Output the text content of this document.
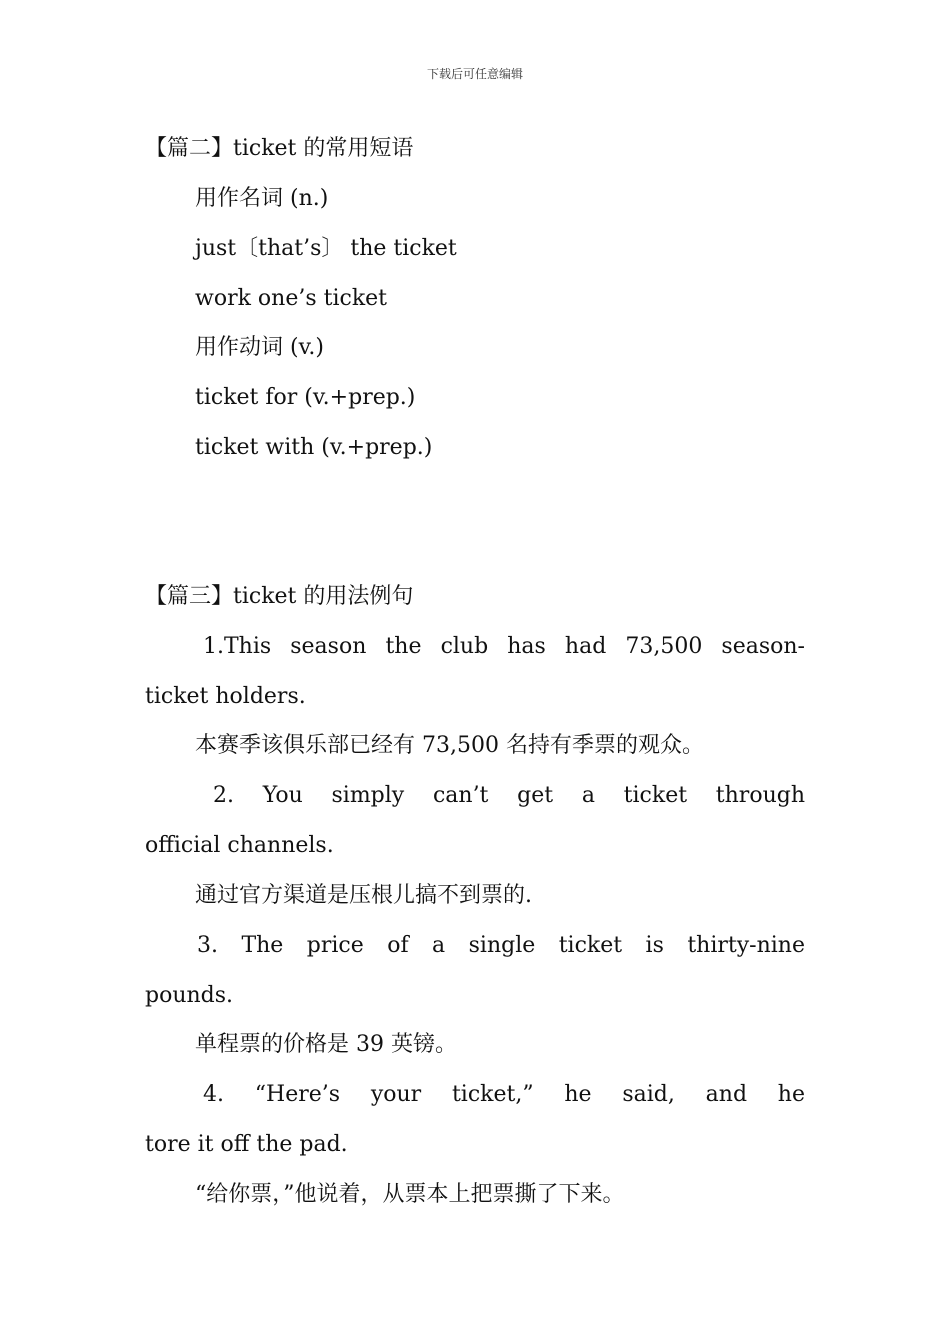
下载后可任意编辑
【篇二】ticket 的常用短语
用作名词 (n.)
just〔that’s〕 the ticket
work one’s ticket
用作动词 (v.)
ticket for (v.+prep.)
ticket with (v.+prep.)
【篇三】ticket 的用法例句
1.This season the club has had 73,500 season-
ticket holders.
本赛季该俱乐部已经有 73,500 名持有季票的观众。
2. You simply can’t get a ticket through
official channels.
通过官方渠道是压根儿搞不到票的.
3. The price of a single ticket is thirty-nine
pounds.
单程票的价格是 39 英镑。
4. “Here’s your ticket,” he said, and he
tore it off the pad.
“给你票，”他说着，从票本上把票撕了下来。
